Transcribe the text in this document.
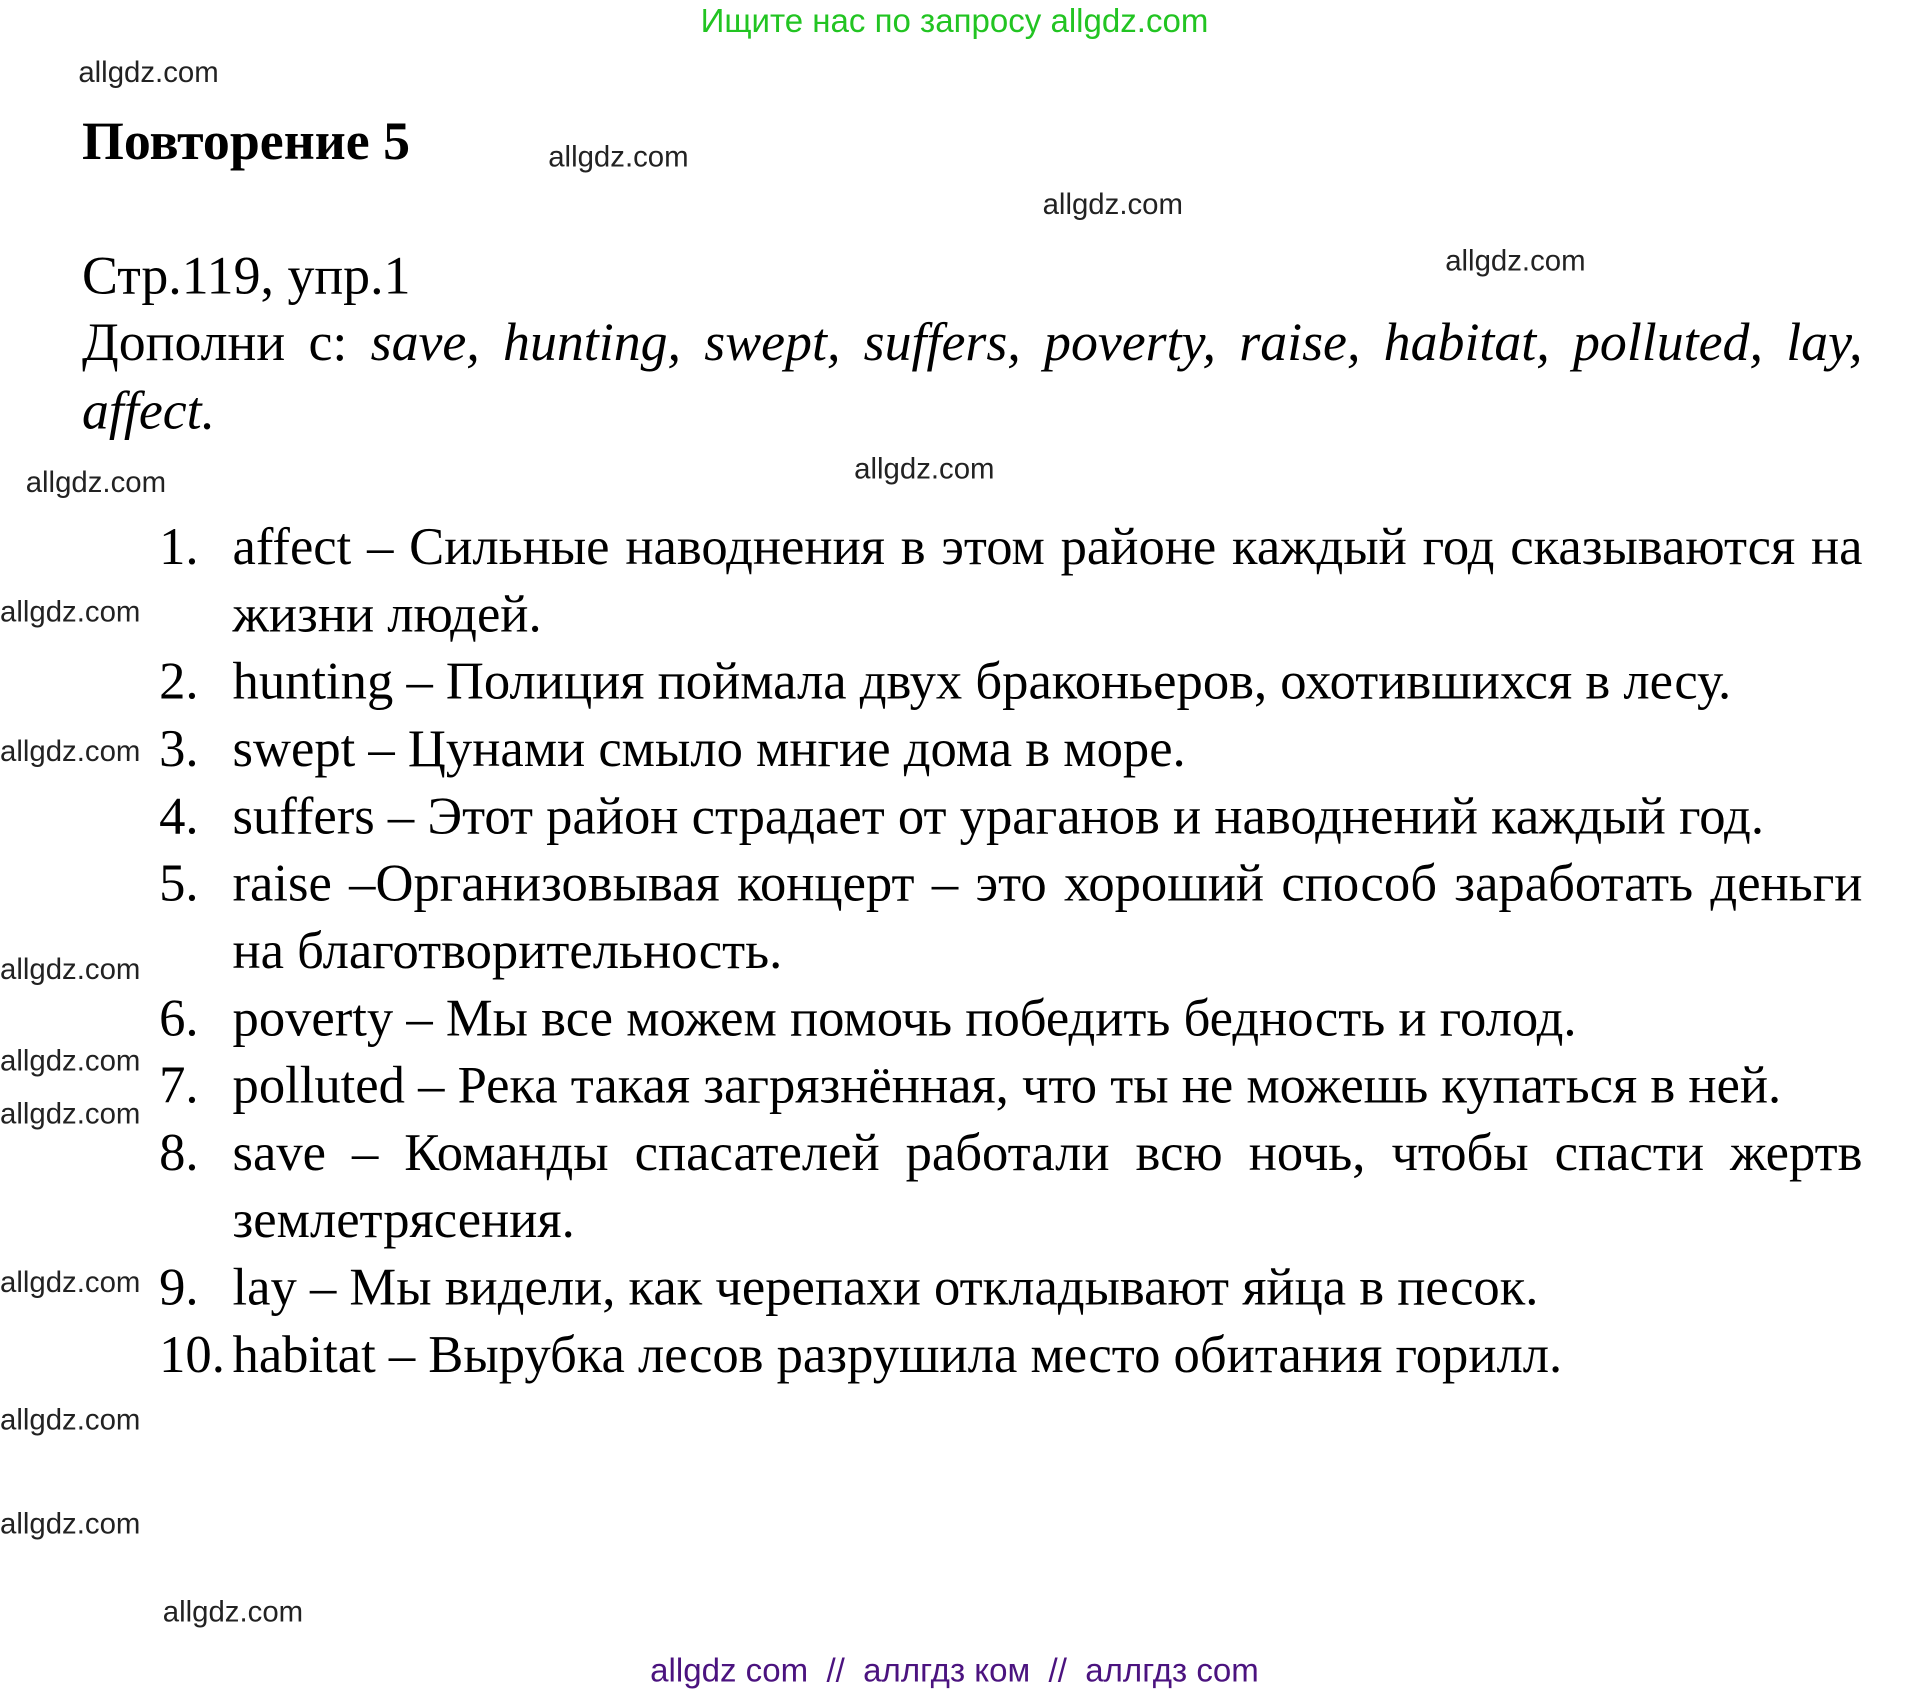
Ищите нас по запросу allgdz.com
Повторение 5
Стр.119, упр.1
Дополни с: save, hunting, swept, suffers, poverty, raise, habitat, polluted, lay, affect.
1. affect – Сильные наводнения в этом районе каждый год сказываются на жизни людей.
2. hunting – Полиция поймала двух браконьеров, охотившихся в лесу.
3. swept – Цунами смыло мнгие дома в море.
4. suffers – Этот район страдает от ураганов и наводнений каждый год.
5. raise –Организовывая концерт – это хороший способ заработать деньги на благотворительность.
6. poverty – Мы все можем помочь победить бедность и голод.
7. polluted – Река такая загрязнённая, что ты не можешь купаться в ней.
8. save – Команды спасателей работали всю ночь, чтобы спасти жертв землетрясения.
9. lay – Мы видели, как черепахи откладывают яйца в песок.
10. habitat – Вырубка лесов разрушила место обитания горилл.
allgdz.com
allgdz.com
allgdz.com
allgdz.com
allgdz.com
allgdz.com
allgdz.com
allgdz.com
allgdz.com
allgdz.com
allgdz.com
allgdz.com
allgdz.com
allgdz.com
allgdz.com
allgdz com  //  аллгдз ком  //  аллгдз com
